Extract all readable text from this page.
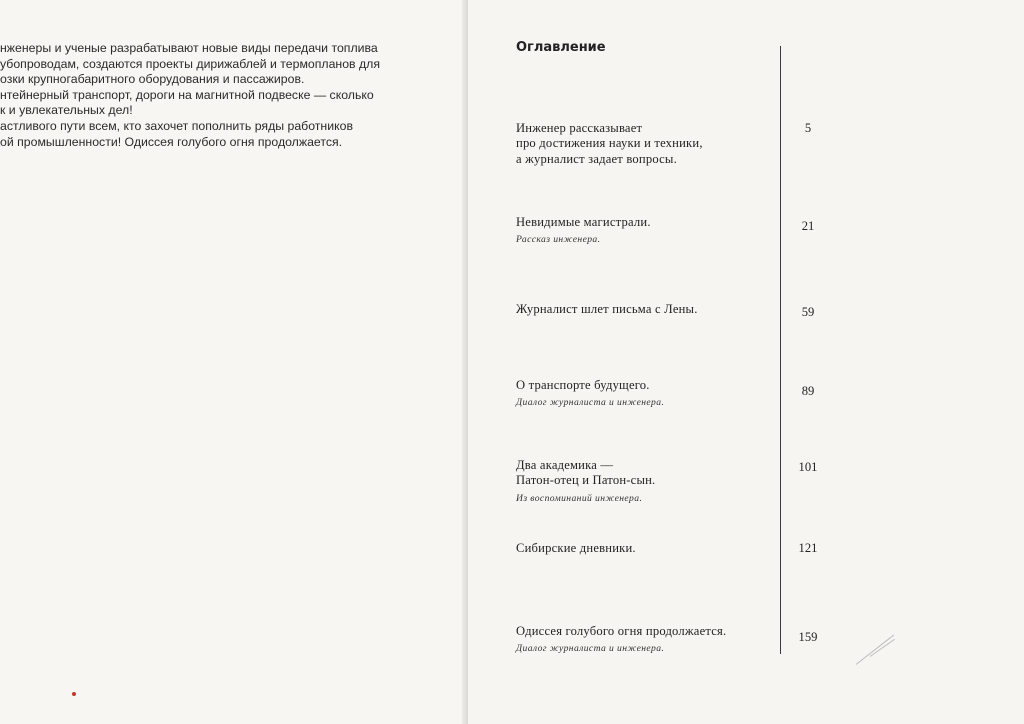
нженеры и ученые разрабатывают новые виды передачи топлива
убопроводам, создаются проекты дирижаблей и термопланов для
озки крупногабаритного оборудования и пассажиров.
нтейнерный транспорт, дороги на магнитной подвеске — сколько
к и увлекательных дел!
астливого пути всем, кто захочет пополнить ряды работников
ой промышленности! Одиссея голубого огня продолжается.
Оглавление
Инженер рассказывает
про достижения науки и техники,
а журналист задает вопросы.
5
Невидимые магистрали.
Рассказ инженера.
21
Журналист шлет письма с Лены.	59
О транспорте будущего.
Диалог журналиста и инженера.
89
Два академика —
Патон-отец и Патон-сын.
Из воспоминаний инженера.
101
Сибирские дневники.	121
Одиссея голубого огня продолжается.
Диалог журналиста и инженера.
159
